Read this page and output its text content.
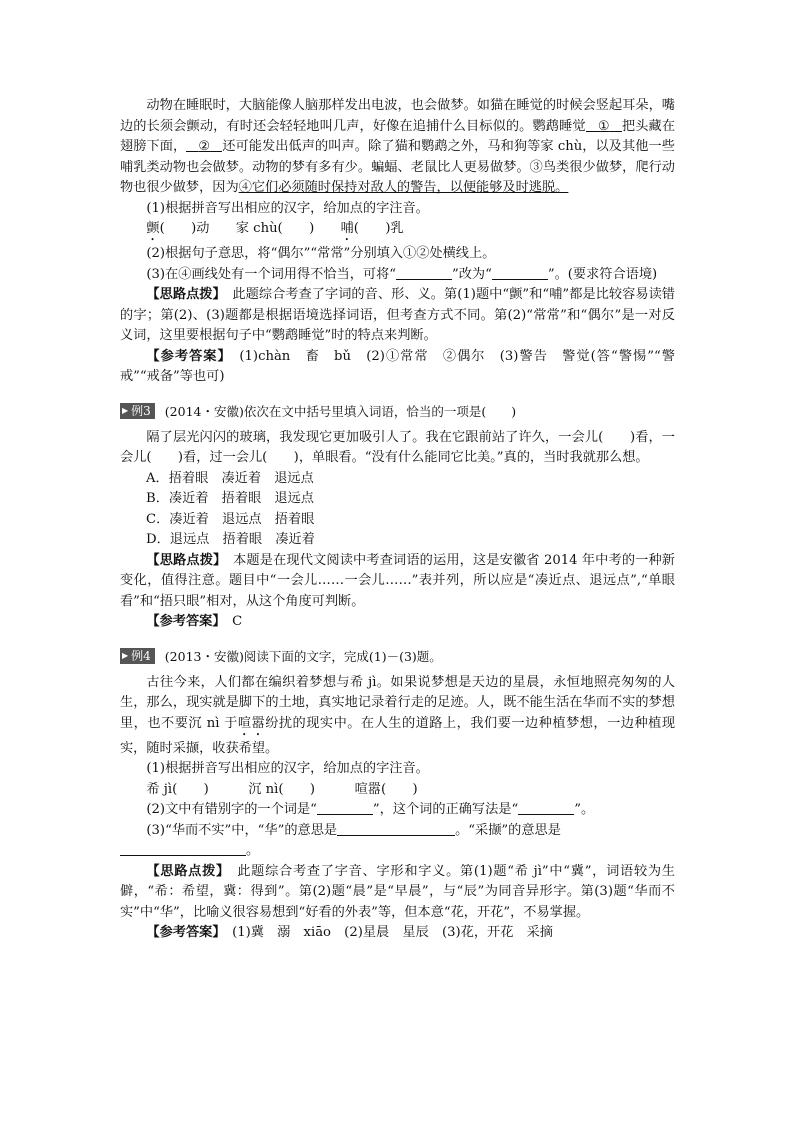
动物在睡眠时，大脑能像人脑那样发出电波，也会做梦。如猫在睡觉的时候会竖起耳朵，嘴边的长须会颤动，有时还会轻轻地叫几声，好像在追捕什么目标似的。鹦鹉睡觉 ① 把头藏在翅膀下面， ② 还可能发出低声的叫声。除了猫和鹦鹉之外，马和狗等家 chù，以及其他一些哺乳类动物也会做梦。动物的梦有多有少。蝙蝠、老鼠比人更易做梦。③鸟类很少做梦，爬行动物也很少做梦，因为④它们必须随时保持对敌人的警告，以便能够及时逃脱。

(1)根据拼音写出相应的汉字，给加点的字注音。

颤(　　)动　　家 chù(　　)　　哺(　　)乳

(2)根据句子意思，将“偶尔”“常常”分别填入①②处横线上。

(3)在④画线处有一个词用得不恰当，可将“	”改为“	”。(要求符合语境)

【思路点拨】　此题综合考查了字词的音、形、义。第(1)题中“颤”和“哺”都是比较容易读错的字；第(2)、(3)题都是根据语境选择词语，但考查方式不同。第(2)“常常”和“偶尔”是一对反义词，这里要根据句子中“鹦鹉睡觉”时的特点来判断。

【参考答案】　(1)chàn　畜　bǔ　(2)①常常　②偶尔　(3)警告　警觉(答“警惕”“警戒”“戒备”等也可)

▶ 例3 (2014・安徽)依次在文中括号里填入词语，恰当的一项是(　　)

隔了层光闪闪的玻璃，我发现它更加吸引人了。我在它跟前站了许久，一会儿(　　)看，一会儿(　　)看，过一会儿(　　)，单眼看。“没有什么能同它比美。”真的，当时我就那么想。

A．捂着眼　凑近着　退远点

B．凑近着　捂着眼　退远点

C．凑近着　退远点　捂着眼

D．退远点　捂着眼　凑近着

【思路点拨】　本题是在现代文阅读中考查词语的运用，这是安徽省 2014 年中考的一种新变化，值得注意。题目中“一会儿……一会儿……”表并列，所以应是“凑近点、退远点”,“单眼看”和“捂只眼”相对，从这个角度可判断。

【参考答案】　C

▶ 例4 (2013・安徽)阅读下面的文字，完成(1)－(3)题。

古往今来，人们都在编织着梦想与希 jì。如果说梦想是天边的星晨，永恒地照亮匆匆的人生，那么，现实就是脚下的土地，真实地记录着行走的足迹。人，既不能生活在华而不实的梦想里，也不要沉 nì 于喧嚣纷扰的现实中。在人生的道路上，我们要一边种植梦想，一边种植现实，随时采撷，收获希望。

(1)根据拼音写出相应的汉字，给加点的字注音。

希 jì(　　)　　　沉 nì(　　)　　　喧嚣(　　)

(2)文中有错别字的一个词是“	”，这个词的正确写法是“	”。

(3)“华而不实”中，“华”的意思是	。“采撷”的意思是
。

【思路点拨】　此题综合考查了字音、字形和字义。第(1)题“希 jì”中“冀”，词语较为生僻，“希：希望，冀：得到”。第(2)题“晨”是“早晨”，与“辰”为同音异形字。第(3)题“华而不实”中“华”，比喻义很容易想到“好看的外表”等，但本意“花，开花”，不易掌握。

【参考答案】　(1)冀　溺　xiāo　(2)星晨　星辰　(3)花，开花　采摘
